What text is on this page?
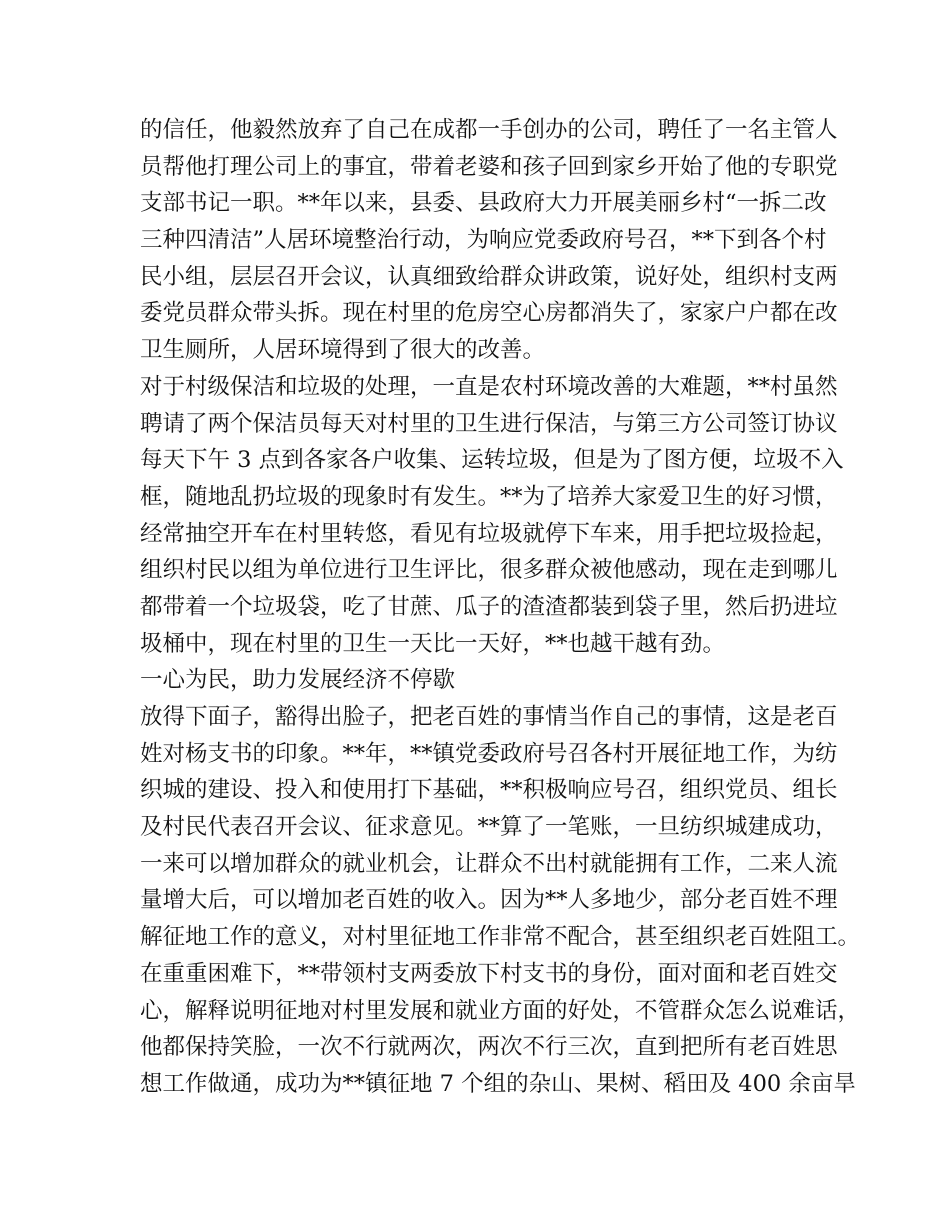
的信任，他毅然放弃了自己在成都一手创办的公司，聘任了一名主管人
员帮他打理公司上的事宜，带着老婆和孩子回到家乡开始了他的专职党
支部书记一职。**年以来，县委、县政府大力开展美丽乡村“一拆二改
三种四清洁”人居环境整治行动，为响应党委政府号召，**下到各个村
民小组，层层召开会议，认真细致给群众讲政策，说好处，组织村支两
委党员群众带头拆。现在村里的危房空心房都消失了，家家户户都在改
卫生厕所，人居环境得到了很大的改善。
对于村级保洁和垃圾的处理，一直是农村环境改善的大难题，**村虽然
聘请了两个保洁员每天对村里的卫生进行保洁，与第三方公司签订协议
每天下午 3 点到各家各户收集、运转垃圾，但是为了图方便，垃圾不入
框，随地乱扔垃圾的现象时有发生。**为了培养大家爱卫生的好习惯，
经常抽空开车在村里转悠，看见有垃圾就停下车来，用手把垃圾捡起，
组织村民以组为单位进行卫生评比，很多群众被他感动，现在走到哪儿
都带着一个垃圾袋，吃了甘蔗、瓜子的渣渣都装到袋子里，然后扔进垃
圾桶中，现在村里的卫生一天比一天好，**也越干越有劲。
一心为民，助力发展经济不停歇
放得下面子，豁得出脸子，把老百姓的事情当作自己的事情，这是老百
姓对杨支书的印象。**年，**镇党委政府号召各村开展征地工作，为纺
织城的建设、投入和使用打下基础，**积极响应号召，组织党员、组长
及村民代表召开会议、征求意见。**算了一笔账，一旦纺织城建成功，
一来可以增加群众的就业机会，让群众不出村就能拥有工作，二来人流
量增大后，可以增加老百姓的收入。因为**人多地少，部分老百姓不理
解征地工作的意义，对村里征地工作非常不配合，甚至组织老百姓阻工。
在重重困难下，**带领村支两委放下村支书的身份，面对面和老百姓交
心，解释说明征地对村里发展和就业方面的好处，不管群众怎么说难话，
他都保持笑脸，一次不行就两次，两次不行三次，直到把所有老百姓思
想工作做通，成功为**镇征地 7 个组的杂山、果树、稻田及 400 余亩旱
